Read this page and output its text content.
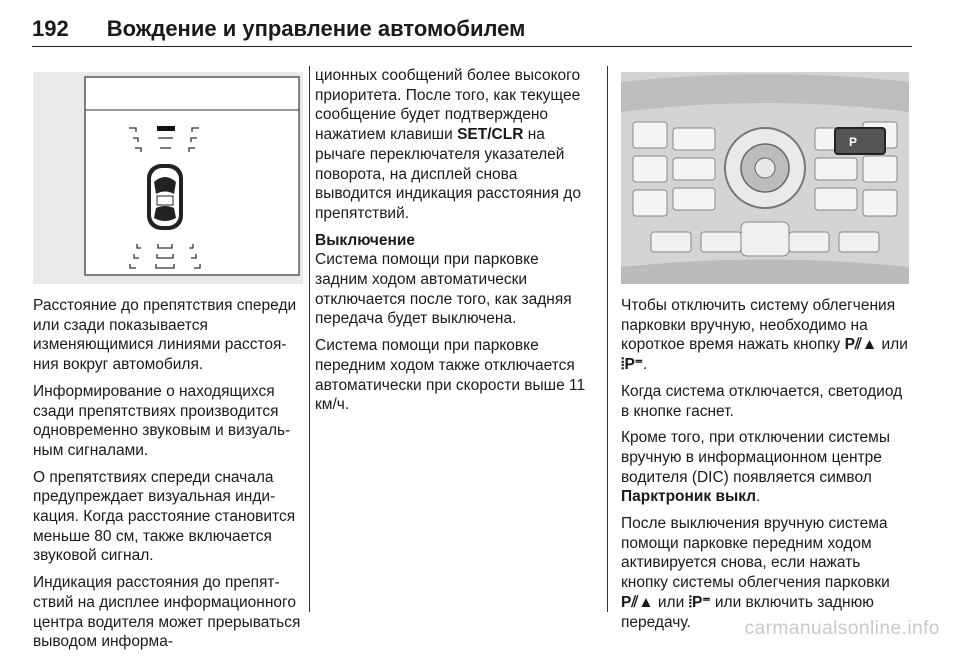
192 Вождение и управление автомобилем

Расстояние до препятствия спереди или сзади показывается изменяющимися линиями расстояния вокруг автомобиля.

Информирование о находящихся сзади препятствиях производится одновременно звуковым и визуальным сигналами.

О препятствиях спереди сначала предупреждает визуальная индикация. Когда расстояние становится меньше 80 см, также включается звуковой сигнал.

Индикация расстояния до препятствий на дисплее информационного центра водителя может прерываться выводом информа-

ционных сообщений более высокого приоритета. После того, как текущее сообщение будет подтверждено нажатием клавиши SET/CLR на рычаге переключателя указателей поворота, на дисплей снова выводится индикация расстояния до препятствий.

Выключение

Система помощи при парковке задним ходом автоматически отключается после того, как задняя передача будет выключена.

Система помощи при парковке передним ходом также отключается автоматически при скорости выше 11 км/ч.

P

Чтобы отключить систему облегчения парковки вручную, необходимо на короткое время нажать кнопку P⫽▲ или ⦙P⁼.

Когда система отключается, светодиод в кнопке гаснет.

Кроме того, при отключении системы вручную в информационном центре водителя (DIC) появляется символ Парктроник выкл.

После выключения вручную система помощи парковке передним ходом активируется снова, если нажать кнопку системы облегчения парковки P⫽▲ или ⦙P⁼ или включить заднюю передачу.	carmanualsonline.info
